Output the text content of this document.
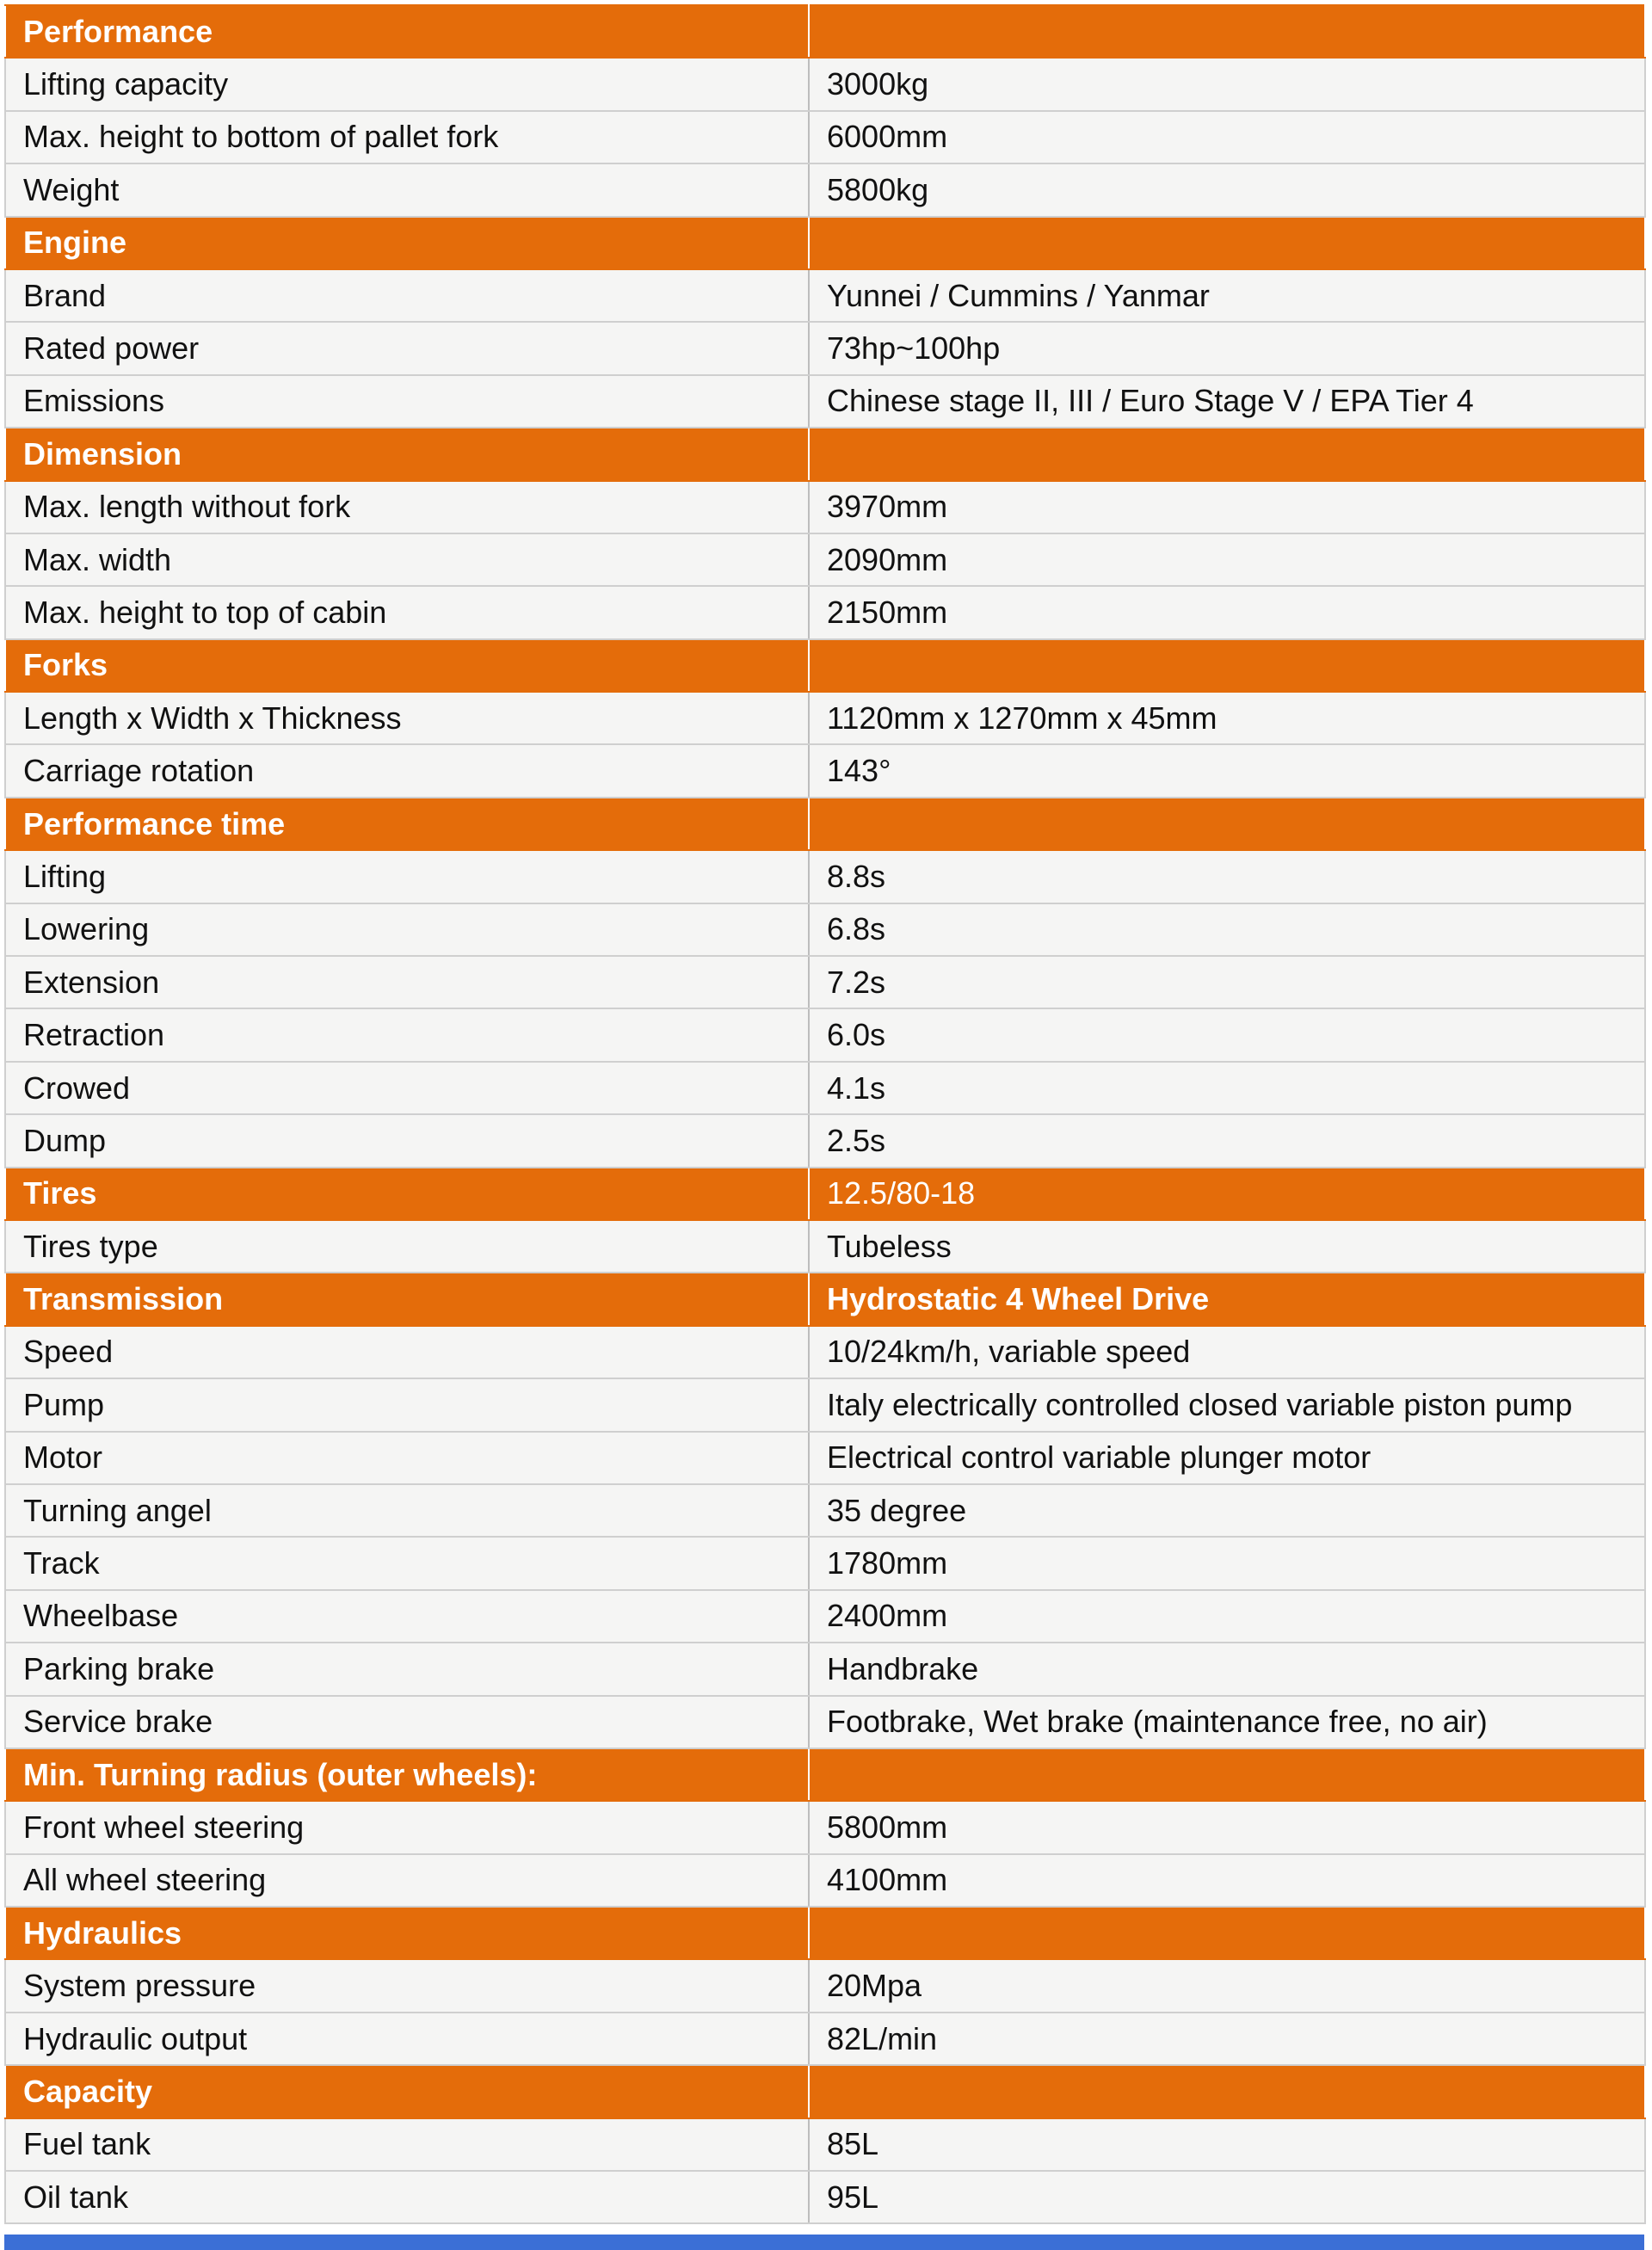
Performance	
Lifting capacity	3000kg
Max. height to bottom of pallet fork	6000mm
Weight	5800kg
Engine	
Brand	Yunnei / Cummins / Yanmar
Rated power	73hp~100hp
Emissions	Chinese stage II, III / Euro Stage V / EPA Tier 4
Dimension	
Max. length without fork	3970mm
Max. width	2090mm
Max. height to top of cabin	2150mm
Forks	
Length x Width x Thickness	1120mm x 1270mm x 45mm
Carriage rotation	143°
Performance time	
Lifting	8.8s
Lowering	6.8s
Extension	7.2s
Retraction	6.0s
Crowed	4.1s
Dump	2.5s
Tires	12.5/80-18
Tires type	Tubeless
Transmission	Hydrostatic 4 Wheel Drive
Speed	10/24km/h, variable speed
Pump	Italy electrically controlled closed variable piston pump
Motor	Electrical control variable plunger motor
Turning angel	35 degree
Track	1780mm
Wheelbase	2400mm
Parking brake	Handbrake
Service brake	Footbrake, Wet brake (maintenance free, no air)
Min. Turning radius (outer wheels):	
Front wheel steering	5800mm
All wheel steering	4100mm
Hydraulics	
System pressure	20Mpa
Hydraulic output	82L/min
Capacity	
Fuel tank	85L
Oil tank	95L
